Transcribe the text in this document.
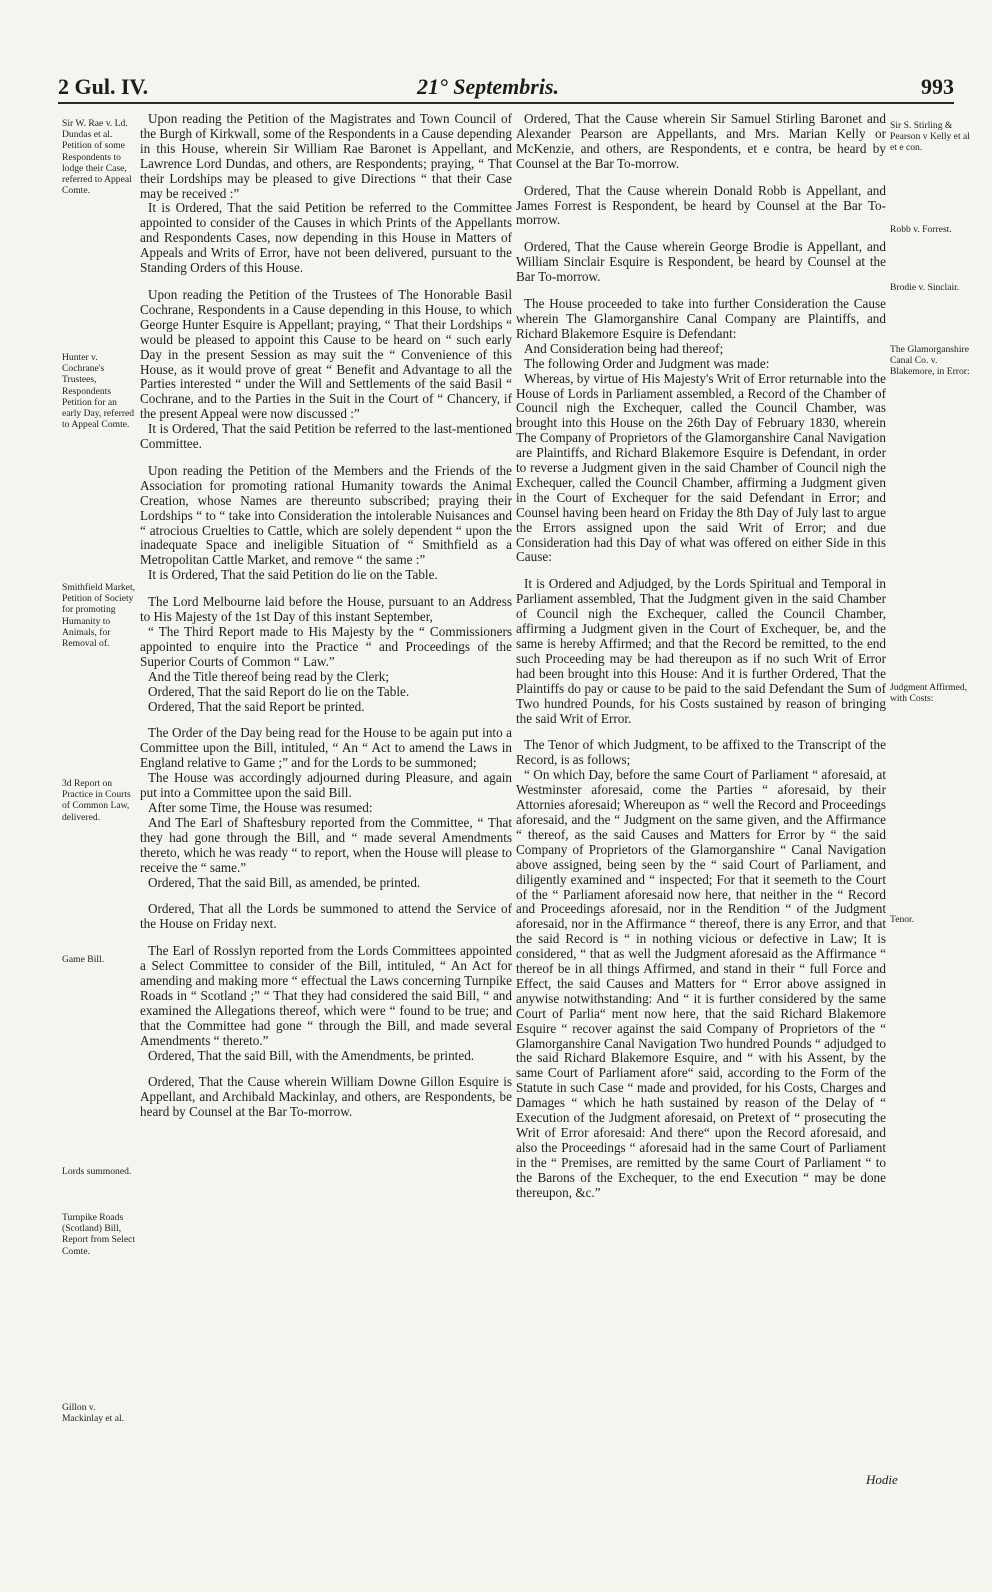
2 Gul. IV.	21° Septembris.	993
Sir W. Rae v. Ld. Dundas et al. Petition of some Respondents to lodge their Case, referred to Appeal Comte.
Hunter v. Cochrane's Trustees, Respondents Petition for an early Day, referred to Appeal Comte.
Smithfield Market, Petition of Society for promoting Humanity to Animals, for Removal of.
3d Report on Practice in Courts of Common Law, delivered.
Game Bill.
Lords summoned.
Turnpike Roads (Scotland) Bill, Report from Select Comte.
Gillon v. Mackinlay et al.

Upon reading the Petition of the Magistrates and Town Council of the Burgh of Kirkwall, some of the Respondents in a Cause depending in this House, wherein Sir William Rae Baronet is Appellant, and Lawrence Lord Dundas, and others, are Respondents; praying, “ That their Lordships may be pleased to give Directions “ that their Case may be received :”

It is Ordered, That the said Petition be referred to the Committee appointed to consider of the Causes in which Prints of the Appellants and Respondents Cases, now depending in this House in Matters of Appeals and Writs of Error, have not been delivered, pursuant to the Standing Orders of this House.

Upon reading the Petition of the Trustees of The Honorable Basil Cochrane, Respondents in a Cause depending in this House, to which George Hunter Esquire is Appellant; praying, “ That their Lordships “ would be pleased to appoint this Cause to be heard on “ such early Day in the present Session as may suit the “ Convenience of this House, as it would prove of great “ Benefit and Advantage to all the Parties interested “ under the Will and Settlements of the said Basil “ Cochrane, and to the Parties in the Suit in the Court of “ Chancery, if the present Appeal were now discussed :”

It is Ordered, That the said Petition be referred to the last-mentioned Committee.

Upon reading the Petition of the Members and the Friends of the Association for promoting rational Humanity towards the Animal Creation, whose Names are thereunto subscribed; praying their Lordships “ to “ take into Consideration the intolerable Nuisances and “ atrocious Cruelties to Cattle, which are solely dependent “ upon the inadequate Space and ineligible Situation of “ Smithfield as a Metropolitan Cattle Market, and remove “ the same :”

It is Ordered, That the said Petition do lie on the Table.

The Lord Melbourne laid before the House, pursuant to an Address to His Majesty of the 1st Day of this instant September,

“ The Third Report made to His Majesty by the “ Commissioners appointed to enquire into the Practice “ and Proceedings of the Superior Courts of Common “ Law.”

And the Title thereof being read by the Clerk;

Ordered, That the said Report do lie on the Table.

Ordered, That the said Report be printed.

The Order of the Day being read for the House to be again put into a Committee upon the Bill, intituled, “ An “ Act to amend the Laws in England relative to Game ;” and for the Lords to be summoned;

The House was accordingly adjourned during Pleasure, and again put into a Committee upon the said Bill.

After some Time, the House was resumed:

And The Earl of Shaftesbury reported from the Committee, “ That they had gone through the Bill, and “ made several Amendments thereto, which he was ready “ to report, when the House will please to receive the “ same.”

Ordered, That the said Bill, as amended, be printed.

Ordered, That all the Lords be summoned to attend the Service of the House on Friday next.

The Earl of Rosslyn reported from the Lords Committees appointed a Select Committee to consider of the Bill, intituled, “ An Act for amending and making more “ effectual the Laws concerning Turnpike Roads in “ Scotland ;” “ That they had considered the said Bill, “ and examined the Allegations thereof, which were “ found to be true; and that the Committee had gone “ through the Bill, and made several Amendments “ thereto.”

Ordered, That the said Bill, with the Amendments, be printed.

Ordered, That the Cause wherein William Downe Gillon Esquire is Appellant, and Archibald Mackinlay, and others, are Respondents, be heard by Counsel at the Bar To-morrow.

Sir S. Stirling & Pearson v Kelly et al et e con.
Robb v. Forrest.
Brodie v. Sinclair.
The Glamorganshire Canal Co. v. Blakemore, in Error:
Judgment Affirmed, with Costs:
Tenor.

Ordered, That the Cause wherein Sir Samuel Stirling Baronet and Alexander Pearson are Appellants, and Mrs. Marian Kelly or McKenzie, and others, are Respondents, et e contra, be heard by Counsel at the Bar To-morrow.

Ordered, That the Cause wherein Donald Robb is Appellant, and James Forrest is Respondent, be heard by Counsel at the Bar To-morrow.

Ordered, That the Cause wherein George Brodie is Appellant, and William Sinclair Esquire is Respondent, be heard by Counsel at the Bar To-morrow.

The House proceeded to take into further Consideration the Cause wherein The Glamorganshire Canal Company are Plaintiffs, and Richard Blakemore Esquire is Defendant:

And Consideration being had thereof;

The following Order and Judgment was made:

Whereas, by virtue of His Majesty's Writ of Error returnable into the House of Lords in Parliament assembled, a Record of the Chamber of Council nigh the Exchequer, called the Council Chamber, was brought into this House on the 26th Day of February 1830, wherein The Company of Proprietors of the Glamorganshire Canal Navigation are Plaintiffs, and Richard Blakemore Esquire is Defendant, in order to reverse a Judgment given in the said Chamber of Council nigh the Exchequer, called the Council Chamber, affirming a Judgment given in the Court of Exchequer for the said Defendant in Error; and Counsel having been heard on Friday the 8th Day of July last to argue the Errors assigned upon the said Writ of Error; and due Consideration had this Day of what was offered on either Side in this Cause:

It is Ordered and Adjudged, by the Lords Spiritual and Temporal in Parliament assembled, That the Judgment given in the said Chamber of Council nigh the Exchequer, called the Council Chamber, affirming a Judgment given in the Court of Exchequer, be, and the same is hereby Affirmed; and that the Record be remitted, to the end such Proceeding may be had thereupon as if no such Writ of Error had been brought into this House: And it is further Ordered, That the Plaintiffs do pay or cause to be paid to the said Defendant the Sum of Two hundred Pounds, for his Costs sustained by reason of bringing the said Writ of Error.

The Tenor of which Judgment, to be affixed to the Transcript of the Record, is as follows;

“ On which Day, before the same Court of Parliament “ aforesaid, at Westminster aforesaid, come the Parties “ aforesaid, by their Attornies aforesaid; Whereupon as “ well the Record and Proceedings aforesaid, and the “ Judgment on the same given, and the Affirmance “ thereof, as the said Causes and Matters for Error by “ the said Company of Proprietors of the Glamorganshire “ Canal Navigation above assigned, being seen by the “ said Court of Parliament, and diligently examined and “ inspected; For that it seemeth to the Court of the “ Parliament aforesaid now here, that neither in the “ Record and Proceedings aforesaid, nor in the Rendition “ of the Judgment aforesaid, nor in the Affirmance “ thereof, there is any Error, and that the said Record is “ in nothing vicious or defective in Law; It is considered, “ that as well the Judgment aforesaid as the Affirmance “ thereof be in all things Affirmed, and stand in their “ full Force and Effect, the said Causes and Matters for “ Error above assigned in anywise notwithstanding: And “ it is further considered by the same Court of Parlia“ ment now here, that the said Richard Blakemore Esquire “ recover against the said Company of Proprietors of the “ Glamorganshire Canal Navigation Two hundred Pounds “ adjudged to the said Richard Blakemore Esquire, and “ with his Assent, by the same Court of Parliament afore“ said, according to the Form of the Statute in such Case “ made and provided, for his Costs, Charges and Damages “ which he hath sustained by reason of the Delay of “ Execution of the Judgment aforesaid, on Pretext of “ prosecuting the Writ of Error aforesaid: And there“ upon the Record aforesaid, and also the Proceedings “ aforesaid had in the same Court of Parliament in the “ Premises, are remitted by the same Court of Parliament “ to the Barons of the Exchequer, to the end Execution “ may be done thereupon, &c.”

Hodie
